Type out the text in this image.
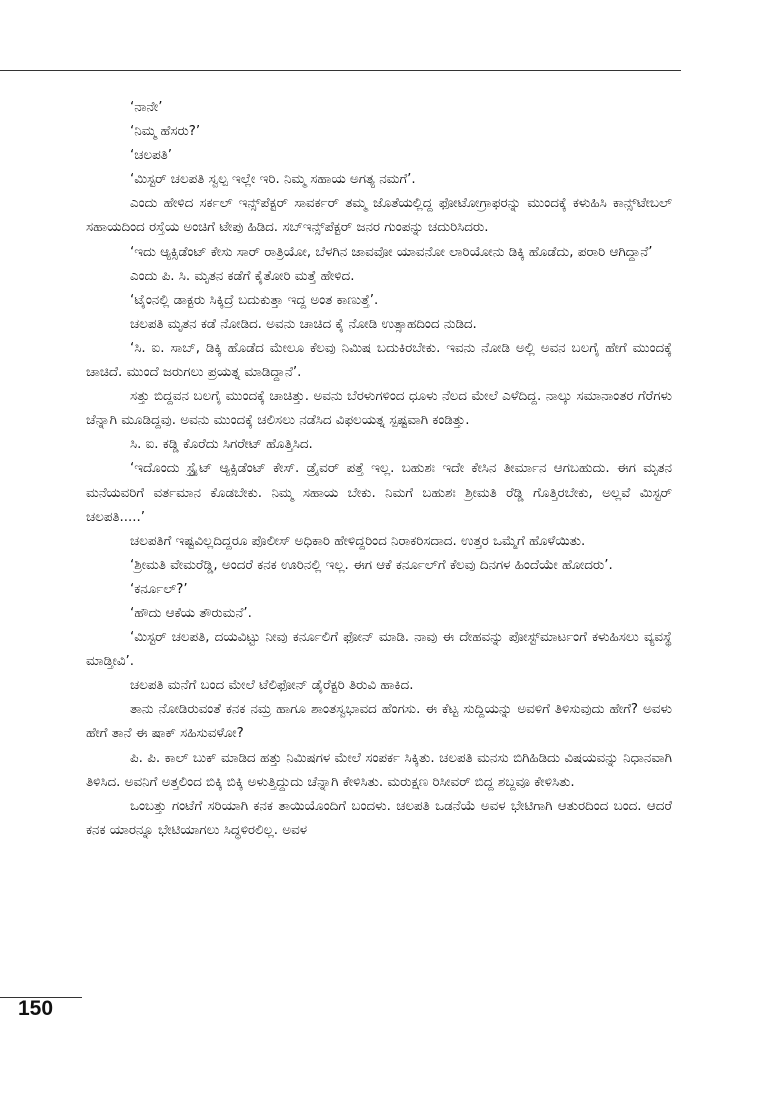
‘ನಾನೇ’

‘ನಿಮ್ಮ ಹೆಸರು?’

‘ಚಲಪತಿ’

‘ಮಿಸ್ಟರ್ ಚಲಪತಿ ಸ್ವಲ್ಪ ಇಲ್ಲೇ ಇರಿ. ನಿಮ್ಮ ಸಹಾಯ ಅಗತ್ಯ ನಮಗೆ’.

ಎಂದು ಹೇಳಿದ ಸರ್ಕಲ್ ಇನ್ಸ್‌ಪೆಕ್ಟರ್ ಸಾವರ್ಕರ್ ತಮ್ಮ ಜೊತೆಯಲ್ಲಿದ್ದ ಫೋಟೋಗ್ರಾಫರನ್ನು ಮುಂದಕ್ಕೆ ಕಳುಹಿಸಿ ಕಾನ್ಸ್‌ಟೇಬಲ್ ಸಹಾಯದಿಂದ ರಸ್ತೆಯ ಅಂಚಿಗೆ ಟೇಪು ಹಿಡಿದ. ಸಬ್‌ಇನ್ಸ್‌ಪೆಕ್ಟರ್ ಜನರ ಗುಂಪನ್ನು ಚದುರಿಸಿದರು.

‘ಇದು ಆ್ಯಕ್ಸಿಡೆಂಟ್ ಕೇಸು ಸಾರ್ ರಾತ್ರಿಯೋ, ಬೆಳಗಿನ ಜಾವವೋ ಯಾವನೋ ಲಾರಿಯೋನು ಡಿಕ್ಕಿ ಹೊಡೆದು, ಪರಾರಿ ಆಗಿದ್ದಾನೆ’

ಎಂದು ಪಿ. ಸಿ. ಮೃತನ ಕಡೆಗೆ ಕೈತೋರಿ ಮತ್ತೆ ಹೇಳಿದ.

‘ಟೈಂನಲ್ಲಿ ಡಾಕ್ಟರು ಸಿಕ್ಕಿದ್ರೆ ಬದುಕುತ್ತಾ ಇದ್ದ ಅಂತ ಕಾಣುತ್ತೆ’.

ಚಲಪತಿ ಮೃತನ ಕಡೆ ನೋಡಿದ. ಅವನು ಚಾಚಿದ ಕೈ ನೋಡಿ ಉತ್ಸಾಹದಿಂದ ನುಡಿದ.

‘ಸಿ. ಐ. ಸಾಬ್, ಡಿಕ್ಕಿ ಹೊಡೆದ ಮೇಲೂ ಕೆಲವು ನಿಮಿಷ ಬದುಕಿರಬೇಕು. ಇವನು ನೋಡಿ ಅಲ್ಲಿ ಅವನ ಬಲಗೈ ಹೇಗೆ ಮುಂದಕ್ಕೆ ಚಾಚಿದೆ. ಮುಂದೆ ಜರುಗಲು ಪ್ರಯತ್ನ ಮಾಡಿದ್ದಾನೆ’.

ಸತ್ತು ಬಿದ್ದವನ ಬಲಗೈ ಮುಂದಕ್ಕೆ ಚಾಚಿತ್ತು. ಅವನು ಬೆರಳುಗಳಿಂದ ಧೂಳು ನೆಲದ ಮೇಲೆ ಎಳೆದಿದ್ದ. ನಾಲ್ಕು ಸಮಾನಾಂತರ ಗೆರೆಗಳು ಚೆನ್ನಾಗಿ ಮೂಡಿದ್ದವು. ಅವನು ಮುಂದಕ್ಕೆ ಚಲಿಸಲು ನಡೆಸಿದ ವಿಫಲಯತ್ನ ಸ್ಪಷ್ಟವಾಗಿ ಕಂಡಿತ್ತು.

ಸಿ. ಐ. ಕಡ್ಡಿ ಕೊರೆದು ಸಿಗರೇಟ್ ಹೊತ್ತಿಸಿದ.

‘ಇದೊಂದು ಸ್ಟ್ರೈಟ್ ಆ್ಯಕ್ಸಿಡೆಂಟ್ ಕೇಸ್. ಡ್ರೈವರ್ ಪತ್ತೆ ಇಲ್ಲ. ಬಹುಶಃ ಇದೇ ಕೇಸಿನ ತೀರ್ಮಾನ ಆಗಬಹುದು. ಈಗ ಮೃತನ ಮನೆಯವರಿಗೆ ವರ್ತಮಾನ ಕೊಡಬೇಕು. ನಿಮ್ಮ ಸಹಾಯ ಬೇಕು. ನಿಮಗೆ ಬಹುಶಃ ಶ್ರೀಮತಿ ರೆಡ್ಡಿ ಗೊತ್ತಿರಬೇಕು, ಅಲ್ಲವೆ ಮಿಸ್ಟರ್ ಚಲಪತಿ.....’

ಚಲಪತಿಗೆ ಇಷ್ಟವಿಲ್ಲದಿದ್ದರೂ ಪೊಲೀಸ್ ಅಧಿಕಾರಿ ಹೇಳಿದ್ದರಿಂದ ನಿರಾಕರಿಸದಾದ. ಉತ್ತರ ಒಮ್ಮೆಗೆ ಹೊಳೆಯಿತು.

‘ಶ್ರೀಮತಿ ವೇಮರೆಡ್ಡಿ, ಅಂದರೆ ಕನಕ ಊರಿನಲ್ಲಿ ಇಲ್ಲ. ಈಗ ಆಕೆ ಕರ್ನೂಲ್‌ಗೆ ಕೆಲವು ದಿನಗಳ ಹಿಂದೆಯೇ ಹೋದರು’.

‘ಕರ್ನೂಲ್?’

‘ಹೌದು ಆಕೆಯ ತೌರುಮನೆ’.

‘ಮಿಸ್ಟರ್ ಚಲಪತಿ, ದಯವಿಟ್ಟು ನೀವು ಕರ್ನೂಲಿಗೆ ಫೋನ್ ಮಾಡಿ. ನಾವು ಈ ದೇಹವನ್ನು ಪೋಸ್ಟ್‌ಮಾರ್ಟಂಗೆ ಕಳುಹಿಸಲು ವ್ಯವಸ್ಥೆ ಮಾಡ್ತೀವಿ’.

ಚಲಪತಿ ಮನೆಗೆ ಬಂದ ಮೇಲೆ ಟೆಲಿಫೋನ್ ಡೈರೆಕ್ಟರಿ ತಿರುವಿ ಹಾಕಿದ.

ತಾನು ನೋಡಿರುವಂತೆ ಕನಕ ನಮ್ರ ಹಾಗೂ ಶಾಂತಸ್ವಭಾವದ ಹೆಂಗಸು. ಈ ಕೆಟ್ಟ ಸುದ್ದಿಯನ್ನು ಅವಳಿಗೆ ತಿಳಿಸುವುದು ಹೇಗೆ? ಅವಳು ಹೇಗೆ ತಾನೆ ಈ ಷಾಕ್ ಸಹಿಸುವಳೋ?

ಪಿ. ಪಿ. ಕಾಲ್ ಬುಕ್ ಮಾಡಿದ ಹತ್ತು ನಿಮಿಷಗಳ ಮೇಲೆ ಸಂಪರ್ಕ ಸಿಕ್ಕಿತು. ಚಲಪತಿ ಮನಸು ಬಿಗಿಹಿಡಿದು ವಿಷಯವನ್ನು ನಿಧಾನವಾಗಿ ತಿಳಿಸಿದ. ಅವನಿಗೆ ಅತ್ತಲಿಂದ ಬಿಕ್ಕಿ ಬಿಕ್ಕಿ ಅಳುತ್ತಿದ್ದುದು ಚೆನ್ನಾಗಿ ಕೇಳಿಸಿತು. ಮರುಕ್ಷಣ ರಿಸೀವರ್ ಬಿದ್ದ ಶಬ್ದವೂ ಕೇಳಿಸಿತು.

ಒಂಬತ್ತು ಗಂಟೆಗೆ ಸರಿಯಾಗಿ ಕನಕ ತಾಯಿಯೊಂದಿಗೆ ಬಂದಳು. ಚಲಪತಿ ಒಡನೆಯೆ ಅವಳ ಭೇಟಿಗಾಗಿ ಆತುರದಿಂದ ಬಂದ. ಆದರೆ ಕನಕ ಯಾರನ್ನೂ ಭೇಟಿಯಾಗಲು ಸಿದ್ಧಳಿರಲಿಲ್ಲ. ಅವಳ

150
